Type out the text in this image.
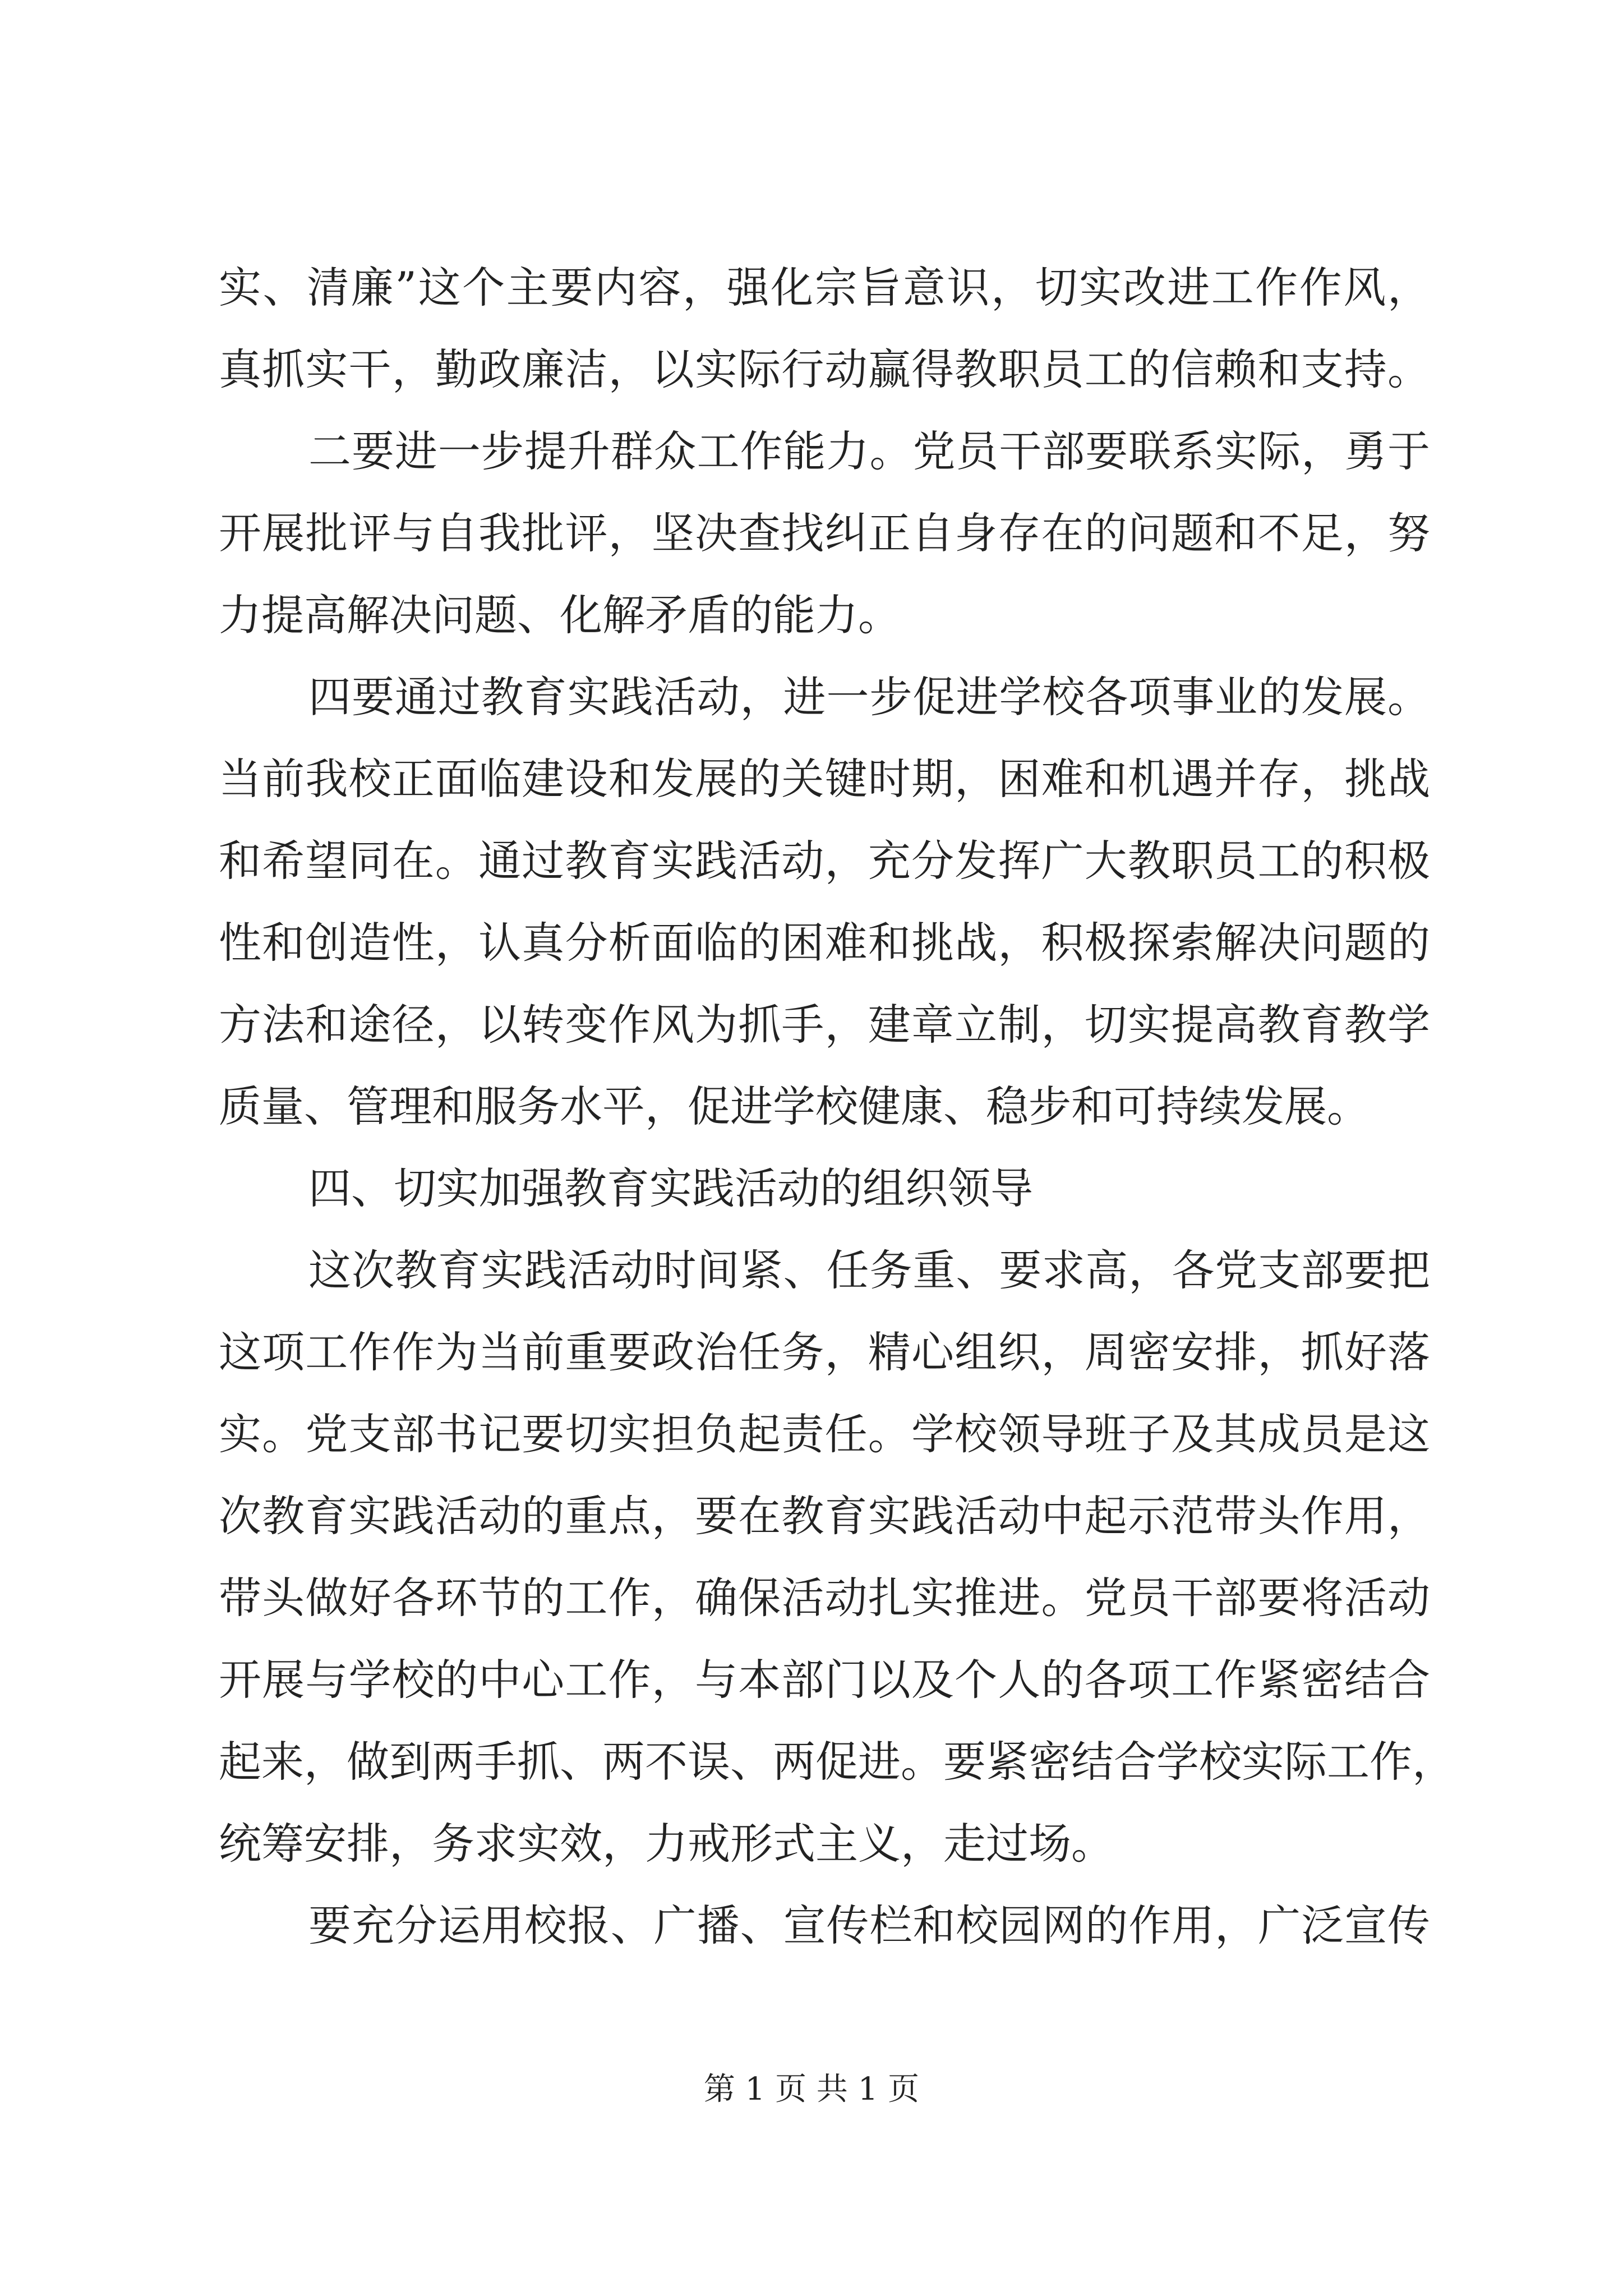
实、清廉”这个主要内容，强化宗旨意识，切实改进工作作风，
真抓实干，勤政廉洁，以实际行动赢得教职员工的信赖和支持。
二要进一步提升群众工作能力。党员干部要联系实际，勇于
开展批评与自我批评，坚决查找纠正自身存在的问题和不足，努
力提高解决问题、化解矛盾的能力。
四要通过教育实践活动，进一步促进学校各项事业的发展。
当前我校正面临建设和发展的关键时期，困难和机遇并存，挑战
和希望同在。通过教育实践活动，充分发挥广大教职员工的积极
性和创造性，认真分析面临的困难和挑战，积极探索解决问题的
方法和途径，以转变作风为抓手，建章立制，切实提高教育教学
质量、管理和服务水平，促进学校健康、稳步和可持续发展。
四、切实加强教育实践活动的组织领导
这次教育实践活动时间紧、任务重、要求高，各党支部要把
这项工作作为当前重要政治任务，精心组织，周密安排，抓好落
实。党支部书记要切实担负起责任。学校领导班子及其成员是这
次教育实践活动的重点，要在教育实践活动中起示范带头作用，
带头做好各环节的工作，确保活动扎实推进。党员干部要将活动
开展与学校的中心工作，与本部门以及个人的各项工作紧密结合
起来，做到两手抓、两不误、两促进。要紧密结合学校实际工作，
统筹安排，务求实效，力戒形式主义，走过场。
要充分运用校报、广播、宣传栏和校园网的作用，广泛宣传
第 1 页 共 1 页
